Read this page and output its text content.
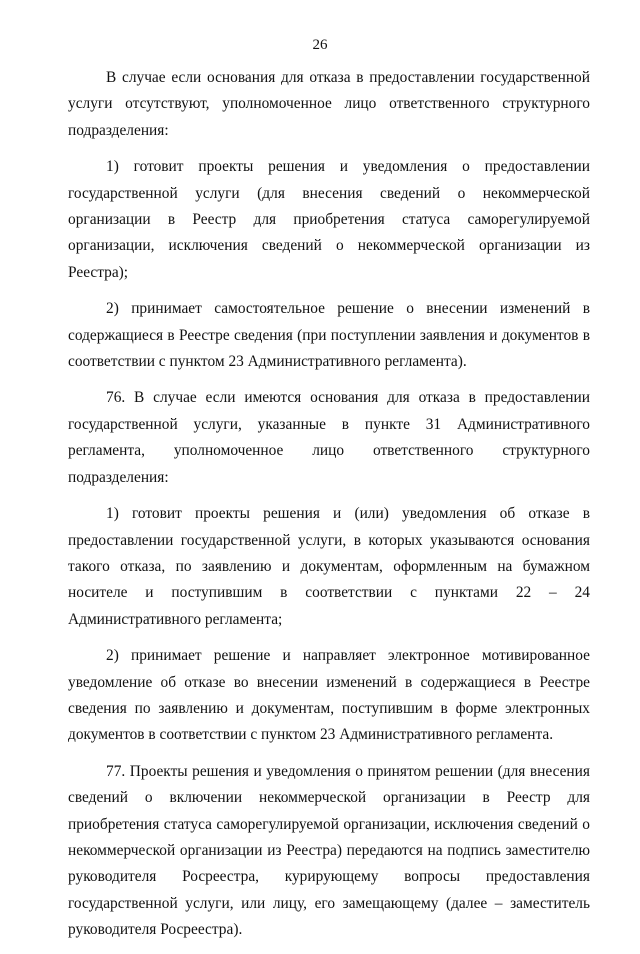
26

В случае если основания для отказа в предоставлении государственной услуги отсутствуют, уполномоченное лицо ответственного структурного подразделения:

1) готовит проекты решения и уведомления о предоставлении государственной услуги (для внесения сведений о некоммерческой организации в Реестр для приобретения статуса саморегулируемой организации, исключения сведений о некоммерческой организации из Реестра);

2) принимает самостоятельное решение о внесении изменений в содержащиеся в Реестре сведения (при поступлении заявления и документов в соответствии с пунктом 23 Административного регламента).

76. В случае если имеются основания для отказа в предоставлении государственной услуги, указанные в пункте 31 Административного регламента, уполномоченное лицо ответственного структурного подразделения:

1) готовит проекты решения и (или) уведомления об отказе в предоставлении государственной услуги, в которых указываются основания такого отказа, по заявлению и документам, оформленным на бумажном носителе и поступившим в соответствии с пунктами 22 – 24 Административного регламента;

2) принимает решение и направляет электронное мотивированное уведомление об отказе во внесении изменений в содержащиеся в Реестре сведения по заявлению и документам, поступившим в форме электронных документов в соответствии с пунктом 23 Административного регламента.

77. Проекты решения и уведомления о принятом решении (для внесения сведений о включении некоммерческой организации в Реестр для приобретения статуса саморегулируемой организации, исключения сведений о некоммерческой организации из Реестра) передаются на подпись заместителю руководителя Росреестра, курирующему вопросы предоставления государственной услуги, или лицу, его замещающему (далее – заместитель руководителя Росреестра).
